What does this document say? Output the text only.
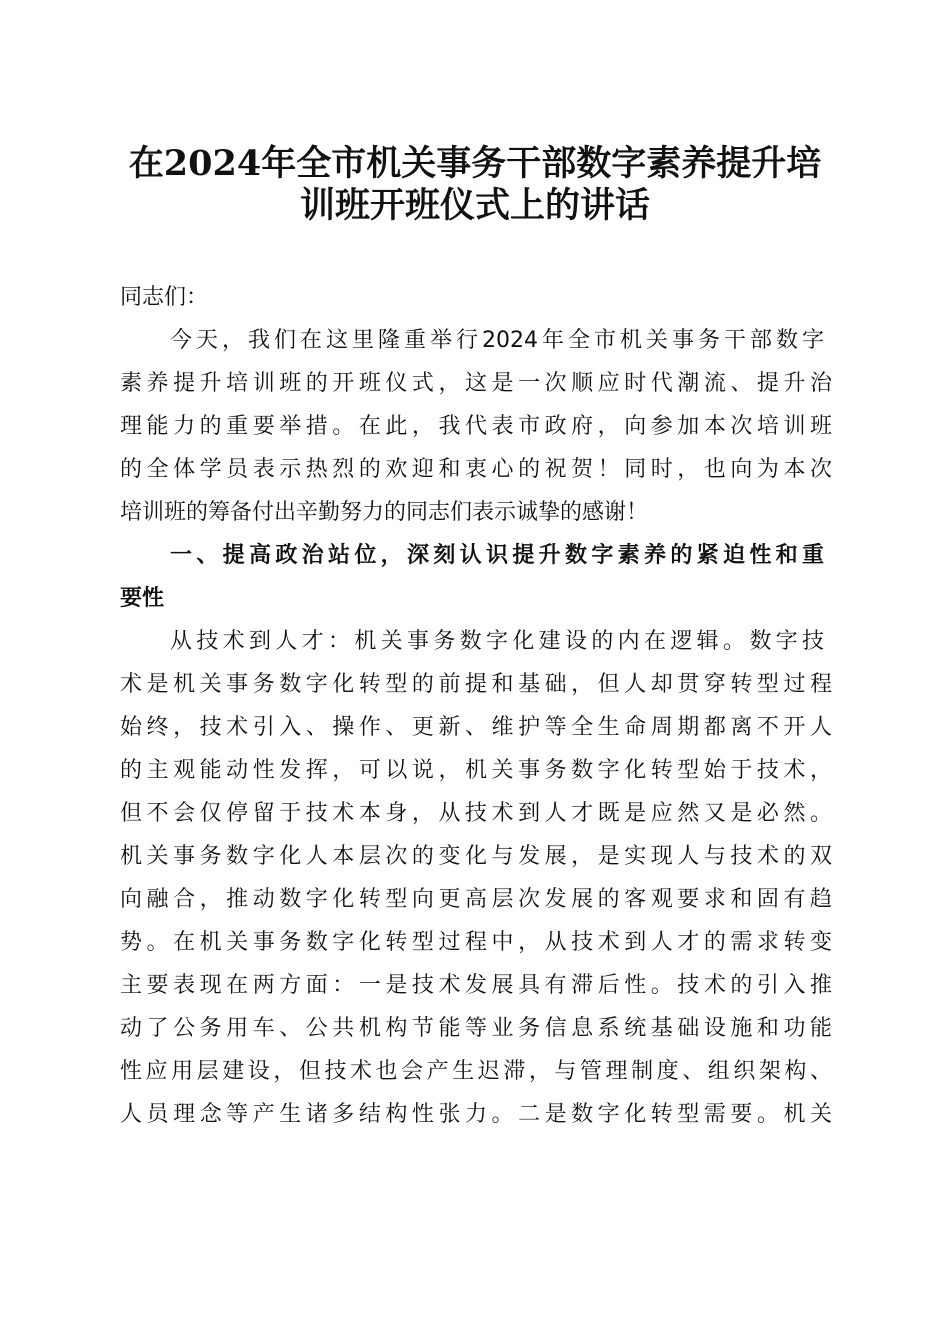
在2024年全市机关事务干部数字素养提升培
训班开班仪式上的讲话

同志们：

今天，我们在这里隆重举行2024年全市机关事务干部数字

素养提升培训班的开班仪式，这是一次顺应时代潮流、提升治

理能力的重要举措。在此，我代表市政府，向参加本次培训班

的全体学员表示热烈的欢迎和衷心的祝贺！同时，也向为本次

培训班的筹备付出辛勤努力的同志们表示诚挚的感谢！

一、提高政治站位，深刻认识提升数字素养的紧迫性和重

要性

从技术到人才：机关事务数字化建设的内在逻辑。数字技

术是机关事务数字化转型的前提和基础，但人却贯穿转型过程

始终，技术引入、操作、更新、维护等全生命周期都离不开人

的主观能动性发挥，可以说，机关事务数字化转型始于技术，

但不会仅停留于技术本身，从技术到人才既是应然又是必然。

机关事务数字化人本层次的变化与发展，是实现人与技术的双

向融合，推动数字化转型向更高层次发展的客观要求和固有趋

势。在机关事务数字化转型过程中，从技术到人才的需求转变

主要表现在两方面：一是技术发展具有滞后性。技术的引入推

动了公务用车、公共机构节能等业务信息系统基础设施和功能

性应用层建设，但技术也会产生迟滞，与管理制度、组织架构、

人员理念等产生诸多结构性张力。二是数字化转型需要。机关
